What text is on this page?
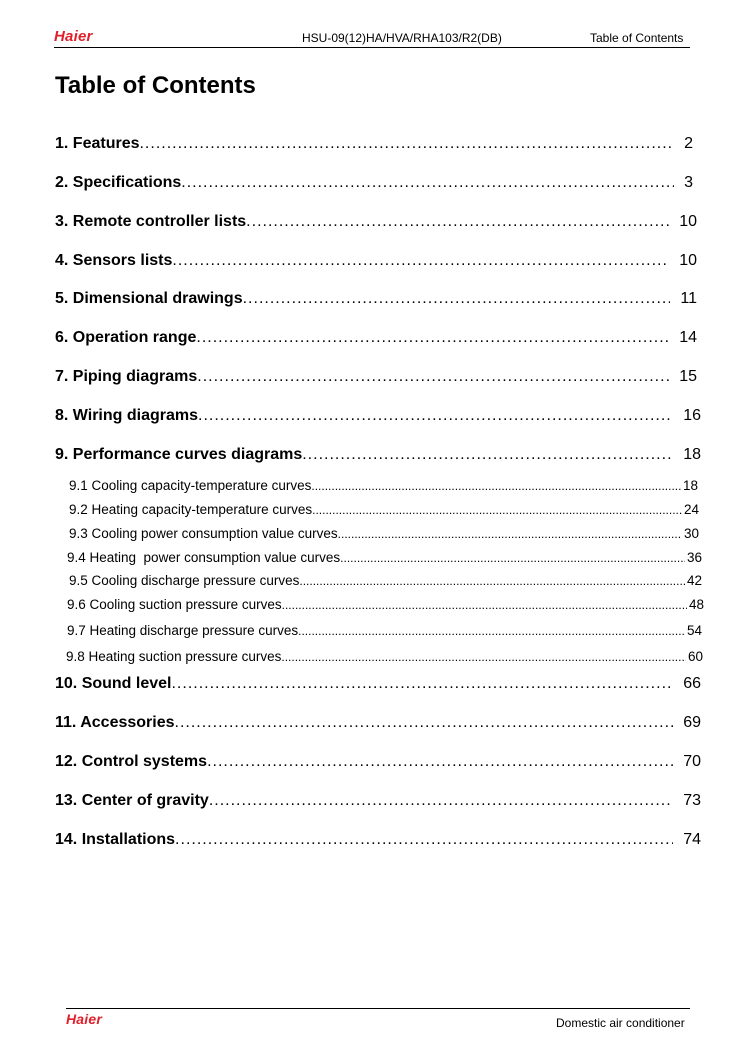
Haier	HSU-09(12)HA/HVA/RHA103/R2(DB)	Table of Contents
Table of Contents
1. Features .....	2
2. Specifications .....	3
3. Remote controller lists .....	10
4. Sensors lists .....	10
5. Dimensional drawings .....	11
6. Operation range .....	14
7. Piping diagrams .....	15
8. Wiring diagrams .....	16
9. Performance curves diagrams .....	18
9.1 Cooling capacity-temperature curves .....	18
9.2 Heating capacity-temperature curves .....	24
9.3 Cooling power consumption value curves .....	30
9.4 Heating  power consumption value curves .....	36
9.5 Cooling discharge pressure curves .....	42
9.6 Cooling suction pressure curves .....	48
9.7 Heating discharge pressure curves .....	54
9.8 Heating suction pressure curves .....	60
10. Sound level .....	66
11. Accessories .....	69
12. Control systems .....	70
13. Center of gravity .....	73
14. Installations .....	74
Haier	Domestic air conditioner
